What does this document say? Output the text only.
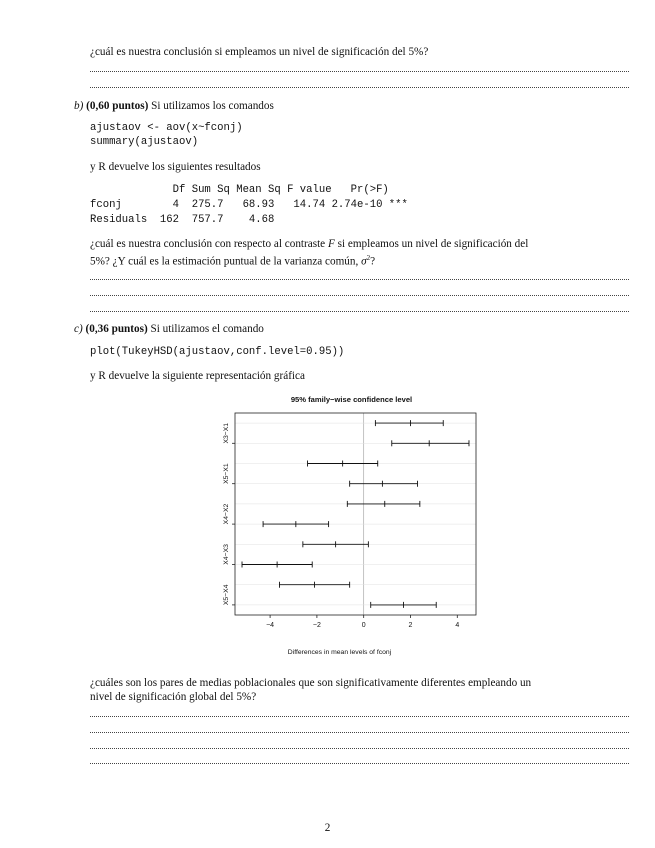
¿cuál es nuestra conclusión si empleamos un nivel de significación del 5%?
b) (0,60 puntos) Si utilizamos los comandos
ajustaov <- aov(x~fconj)
summary(ajustaov)
y R devuelve los siguientes resultados
Df Sum Sq Mean Sq F value   Pr(>F)
fconj        4  275.7   68.93   14.74 2.74e-10 ***
Residuals  162  757.7    4.68
¿cuál es nuestra conclusión con respecto al contraste F si empleamos un nivel de significación del
5%? ¿Y cuál es la estimación puntual de la varianza común, $\sigma^2$?
c) (0,36 puntos) Si utilizamos el comando
plot(TukeyHSD(ajustaov,conf.level=0.95))
y R devuelve la siguiente representación gráfica
95% family−wise confidence level
−4	−2	0	2	4
X3−X1
X5−X1
X4−X2
X4−X3
X5−X4
Differences in mean levels of fconj
¿cuáles son los pares de medias poblacionales que son significativamente diferentes empleando un
nivel de significación global del 5%?
2
